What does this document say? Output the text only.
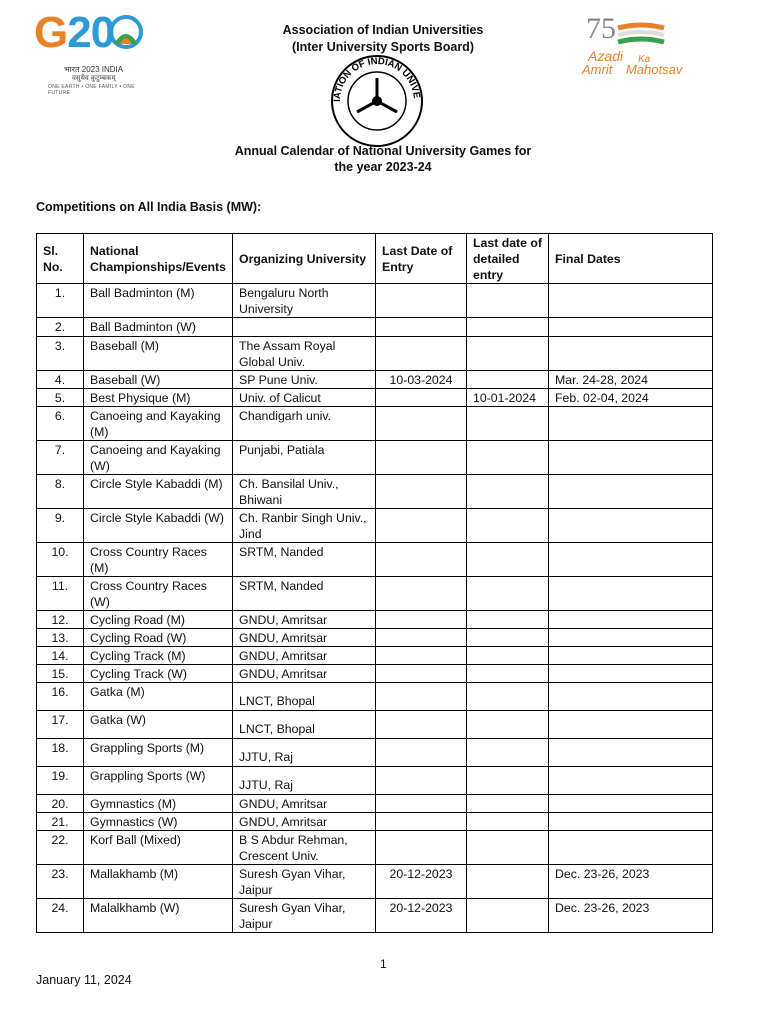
G20
भारत 2023 INDIA
वसुधैव कुटुम्बकम्
ONE EARTH • ONE FAMILY • ONE FUTURE
Association of Indian Universities
(Inter University Sports Board)
IATION OF INDIAN UNIVE
75
Azadi Ka
Amrit Mahotsav
Annual Calendar of National University Games for
the year 2023-24
Competitions on All India Basis (MW):
Sl. No.	National Championships/Events	Organizing University	Last Date of Entry	Last date of detailed entry	Final Dates
1.	Ball Badminton (M)	Bengaluru North University			
2.	Ball Badminton (W)				
3.	Baseball (M)	The Assam Royal Global Univ.			
4.	Baseball (W)	SP Pune Univ.	10-03-2024		Mar. 24-28, 2024
5.	Best Physique (M)	Univ. of Calicut		10-01-2024	Feb. 02-04, 2024
6.	Canoeing and Kayaking (M)	Chandigarh univ.			
7.	Canoeing and Kayaking (W)	Punjabi, Patiala			
8.	Circle Style Kabaddi (M)	Ch. Bansilal Univ., Bhiwani			
9.	Circle Style Kabaddi (W)	Ch. Ranbir Singh Univ., Jind			
10.	Cross Country Races (M)	SRTM, Nanded			
11.	Cross Country Races (W)	SRTM, Nanded			
12.	Cycling Road (M)	GNDU, Amritsar			
13.	Cycling Road (W)	GNDU, Amritsar			
14.	Cycling Track (M)	GNDU, Amritsar			
15.	Cycling Track (W)	GNDU, Amritsar			
16.	Gatka (M)	LNCT, Bhopal			
17.	Gatka (W)	LNCT, Bhopal			
18.	Grappling Sports (M)	JJTU, Raj			
19.	Grappling Sports (W)	JJTU, Raj			
20.	Gymnastics (M)	GNDU, Amritsar			
21.	Gymnastics (W)	GNDU, Amritsar			
22.	Korf Ball (Mixed)	B S Abdur Rehman, Crescent Univ.			
23.	Mallakhamb (M)	Suresh Gyan Vihar, Jaipur	20-12-2023		Dec. 23-26, 2023
24.	Malalkhamb (W)	Suresh Gyan Vihar, Jaipur	20-12-2023		Dec. 23-26, 2023
1
January 11, 2024
